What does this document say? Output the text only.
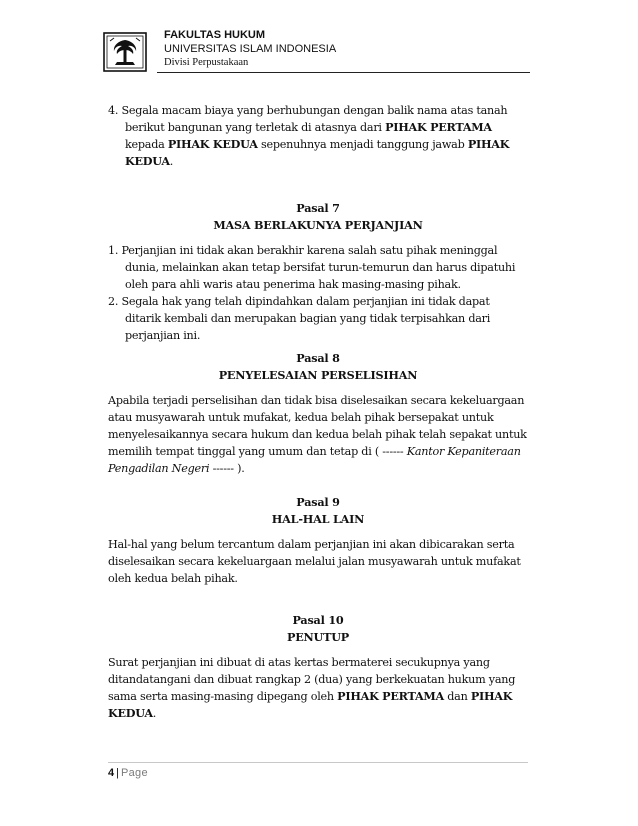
FAKULTAS HUKUM
UNIVERSITAS ISLAM INDONESIA
Divisi Perpustakaan

4. Segala macam biaya yang berhubungan dengan balik nama atas tanah berikut bangunan yang terletak di atasnya dari PIHAK PERTAMA kepada PIHAK KEDUA sepenuhnya menjadi tanggung jawab PIHAK KEDUA.

Pasal 7
MASA BERLAKUNYA PERJANJIAN

1. Perjanjian ini tidak akan berakhir karena salah satu pihak meninggal dunia, melainkan akan tetap bersifat turun-temurun dan harus dipatuhi oleh para ahli waris atau penerima hak masing-masing pihak.

2. Segala hak yang telah dipindahkan dalam perjanjian ini tidak dapat ditarik kembali dan merupakan bagian yang tidak terpisahkan dari perjanjian ini.

Pasal 8
PENYELESAIAN PERSELISIHAN

Apabila terjadi perselisihan dan tidak bisa diselesaikan secara kekeluargaan atau musyawarah untuk mufakat, kedua belah pihak bersepakat untuk menyelesaikannya secara hukum dan kedua belah pihak telah sepakat untuk memilih tempat tinggal yang umum dan tetap di ( ------ Kantor Kepaniteraan Pengadilan Negeri ------ ).

Pasal 9
HAL-HAL LAIN

Hal-hal yang belum tercantum dalam perjanjian ini akan dibicarakan serta diselesaikan secara kekeluargaan melalui jalan musyawarah untuk mufakat oleh kedua belah pihak.

Pasal 10
PENUTUP

Surat perjanjian ini dibuat di atas kertas bermaterei secukupnya yang ditandatangani dan dibuat rangkap 2 (dua) yang berkekuatan hukum yang sama serta masing-masing dipegang oleh PIHAK PERTAMA dan PIHAK KEDUA.

4 | Page
